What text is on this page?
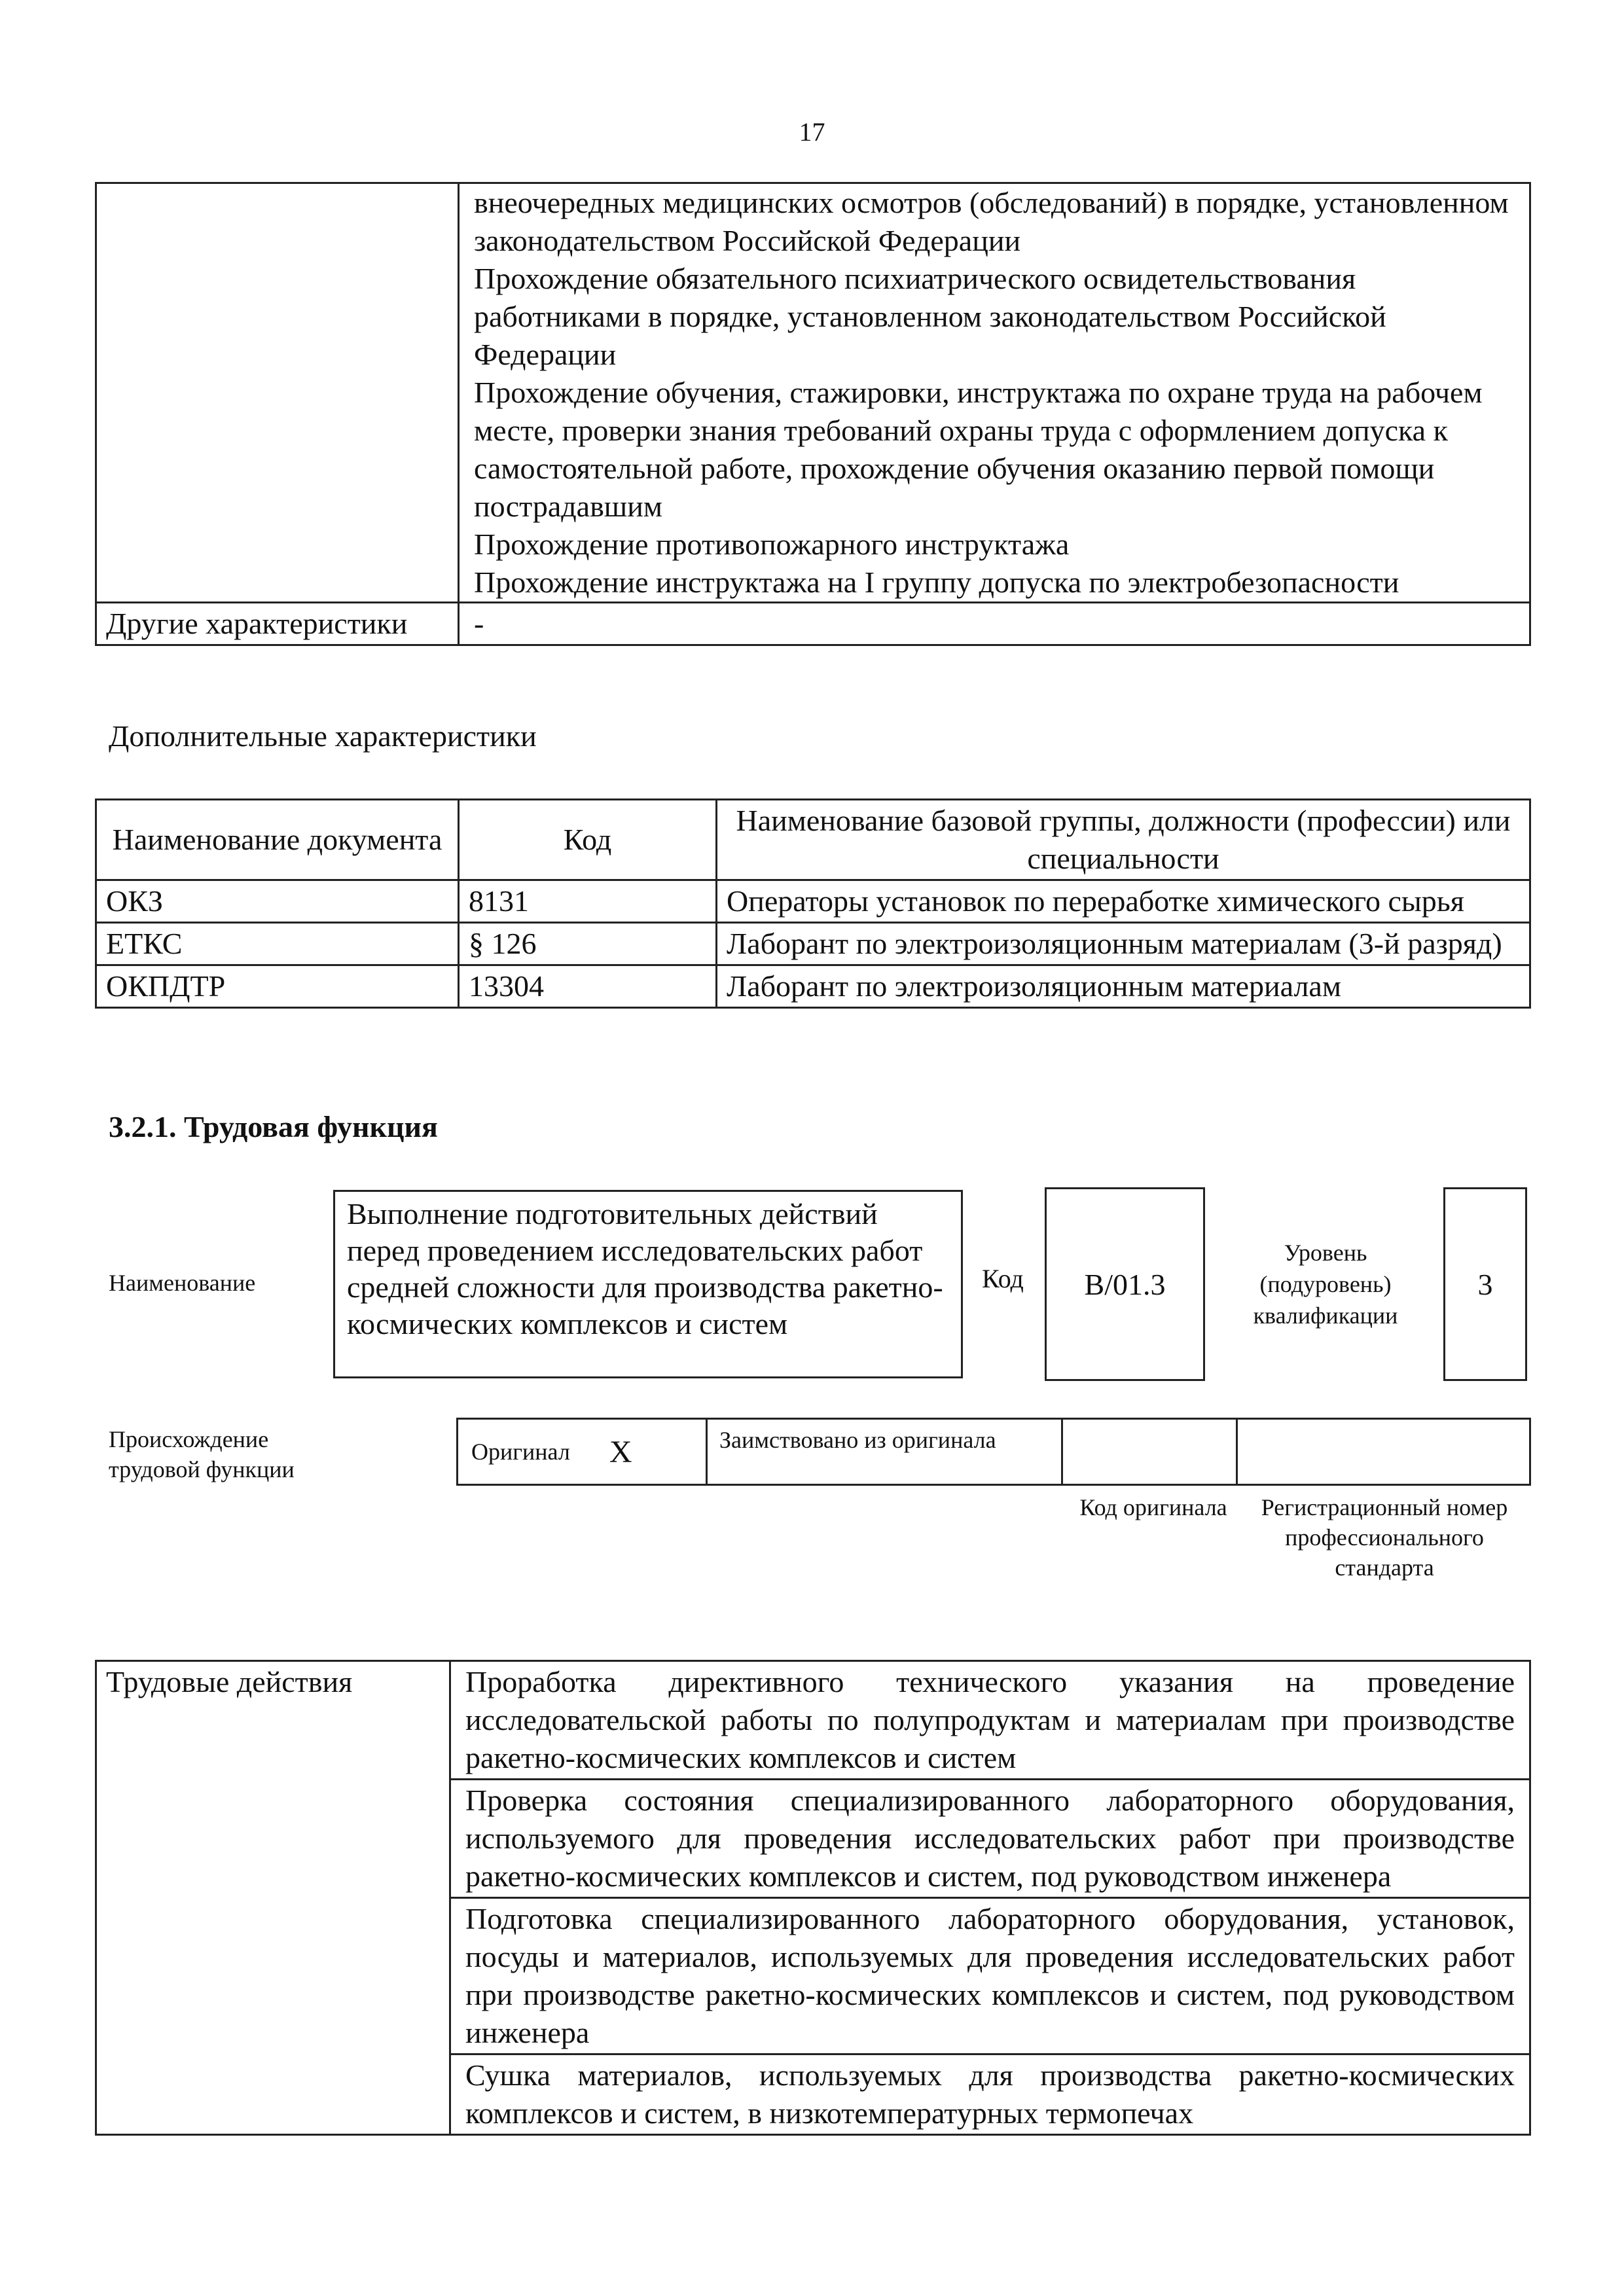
17

	внеочередных медицинских осмотров (обследований) в порядке, установленном законодательством Российской Федерации
Прохождение обязательного психиатрического освидетельствования работниками в порядке, установленном законодательством Российской Федерации
Прохождение обучения, стажировки, инструктажа по охране труда на рабочем месте, проверки знания требований охраны труда с оформлением допуска к самостоятельной работе, прохождение обучения оказанию первой помощи пострадавшим
Прохождение противопожарного инструктажа
Прохождение инструктажа на I группу допуска по электробезопасности

Другие характеристики	-
Дополнительные характеристики
Наименование документа	Код	Наименование базовой группы, должности (профессии) или специальности
ОКЗ	8131	Операторы установок по переработке химического сырья
ЕТКС	§ 126	Лаборант по электроизоляционным материалам (3-й разряд)
ОКПДТР	13304	Лаборант по электроизоляционным материалам
3.2.1. Трудовая функция
Наименование
Выполнение подготовительных действий перед проведением исследовательских работ средней сложности для производства ракетно-космических комплексов и систем
Код В/01.3
Уровень (подуровень) квалификации
3
Происхождение трудовой функции
Оригинал X	Заимствовано из оригинала
Код оригинала	Регистрационный номер профессионального стандарта
Трудовые действия	Проработка директивного технического указания на проведение исследовательской работы по полупродуктам и материалам при производстве ракетно-космических комплексов и систем
Проверка состояния специализированного лабораторного оборудования, используемого для проведения исследовательских работ при производстве ракетно-космических комплексов и систем, под руководством инженера
Подготовка специализированного лабораторного оборудования, установок, посуды и материалов, используемых для проведения исследовательских работ при производстве ракетно-космических комплексов и систем, под руководством инженера
Сушка материалов, используемых для производства ракетно-космических комплексов и систем, в низкотемпературных термопечах
